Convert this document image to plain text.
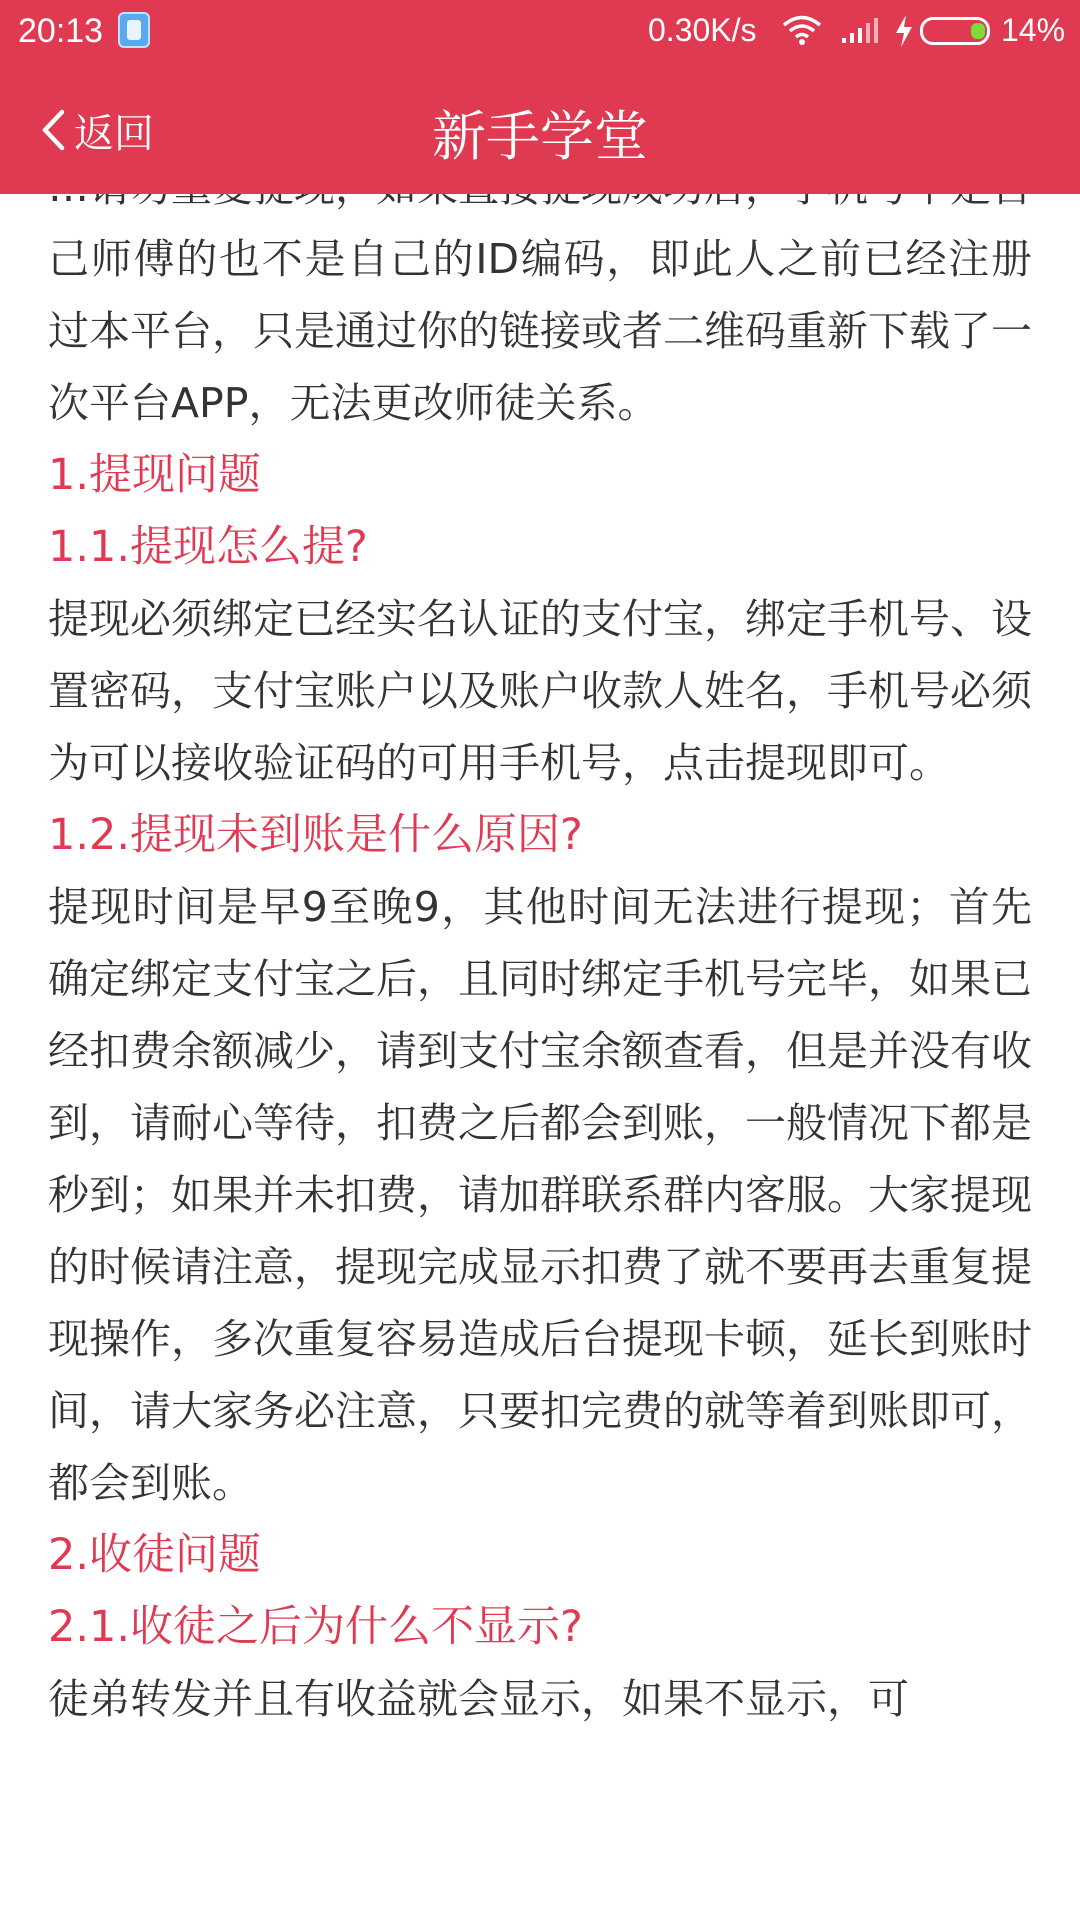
20:13	0.30K/s	14%
返回	新手学堂
己师傅的也不是自己的ID编码，即此人之前已经注册过本平台，只是通过你的链接或者二维码重新下载了一次平台APP，无法更改师徒关系。
1.提现问题
1.1.提现怎么提?
提现必须绑定已经实名认证的支付宝，绑定手机号、设置密码，支付宝账户以及账户收款人姓名，手机号必须为可以接收验证码的可用手机号，点击提现即可。
1.2.提现未到账是什么原因?
提现时间是早9至晚9，其他时间无法进行提现；首先确定绑定支付宝之后，且同时绑定手机号完毕，如果已经扣费余额减少，请到支付宝余额查看，但是并没有收到，请耐心等待，扣费之后都会到账，一般情况下都是秒到；如果并未扣费，请加群联系群内客服。大家提现的时候请注意，提现完成显示扣费了就不要再去重复提现操作，多次重复容易造成后台提现卡顿，延长到账时间，请大家务必注意，只要扣完费的就等着到账即可，都会到账。
2.收徒问题
2.1.收徒之后为什么不显示?
徒弟转发并且有收益就会显示，如果不显示，可
